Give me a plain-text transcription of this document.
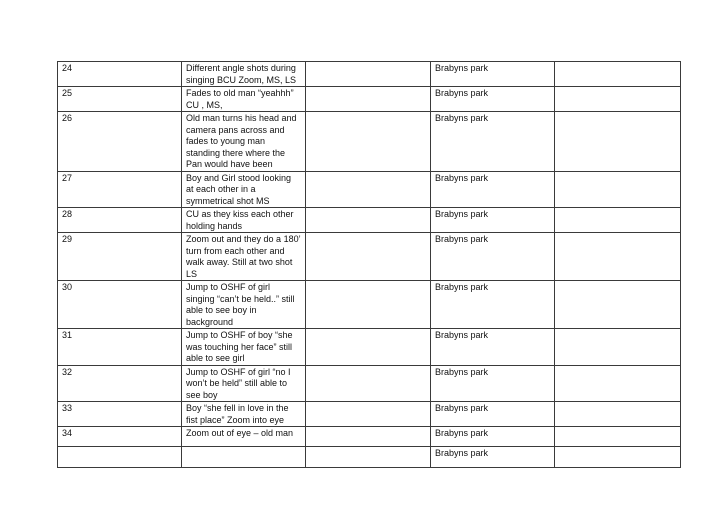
24	Different angle shots during singing BCU Zoom, MS, LS		Brabyns park	
25	Fades to old man “yeahhh” CU , MS,		Brabyns park	
26	Old man turns his head and camera pans across and fades to young man standing there where the Pan would have been		Brabyns park	
27	Boy and Girl stood looking at each other in a symmetrical shot MS		Brabyns park	
28	CU as they kiss each other holding hands		Brabyns park	
29	Zoom out and they do a 180’ turn from each other and walk away. Still at two shot LS		Brabyns park	
30	Jump to OSHF of girl singing “can’t be held..” still able to see boy in background		Brabyns park	
31	Jump to OSHF of boy “she was touching her face” still able to see girl		Brabyns park	
32	Jump to OSHF of girl “no I won’t be held” still able to see boy		Brabyns park	
33	Boy “she fell in love in the fist place” Zoom into eye		Brabyns park	
34	Zoom out of eye – old man		Brabyns park	
			Brabyns park	
